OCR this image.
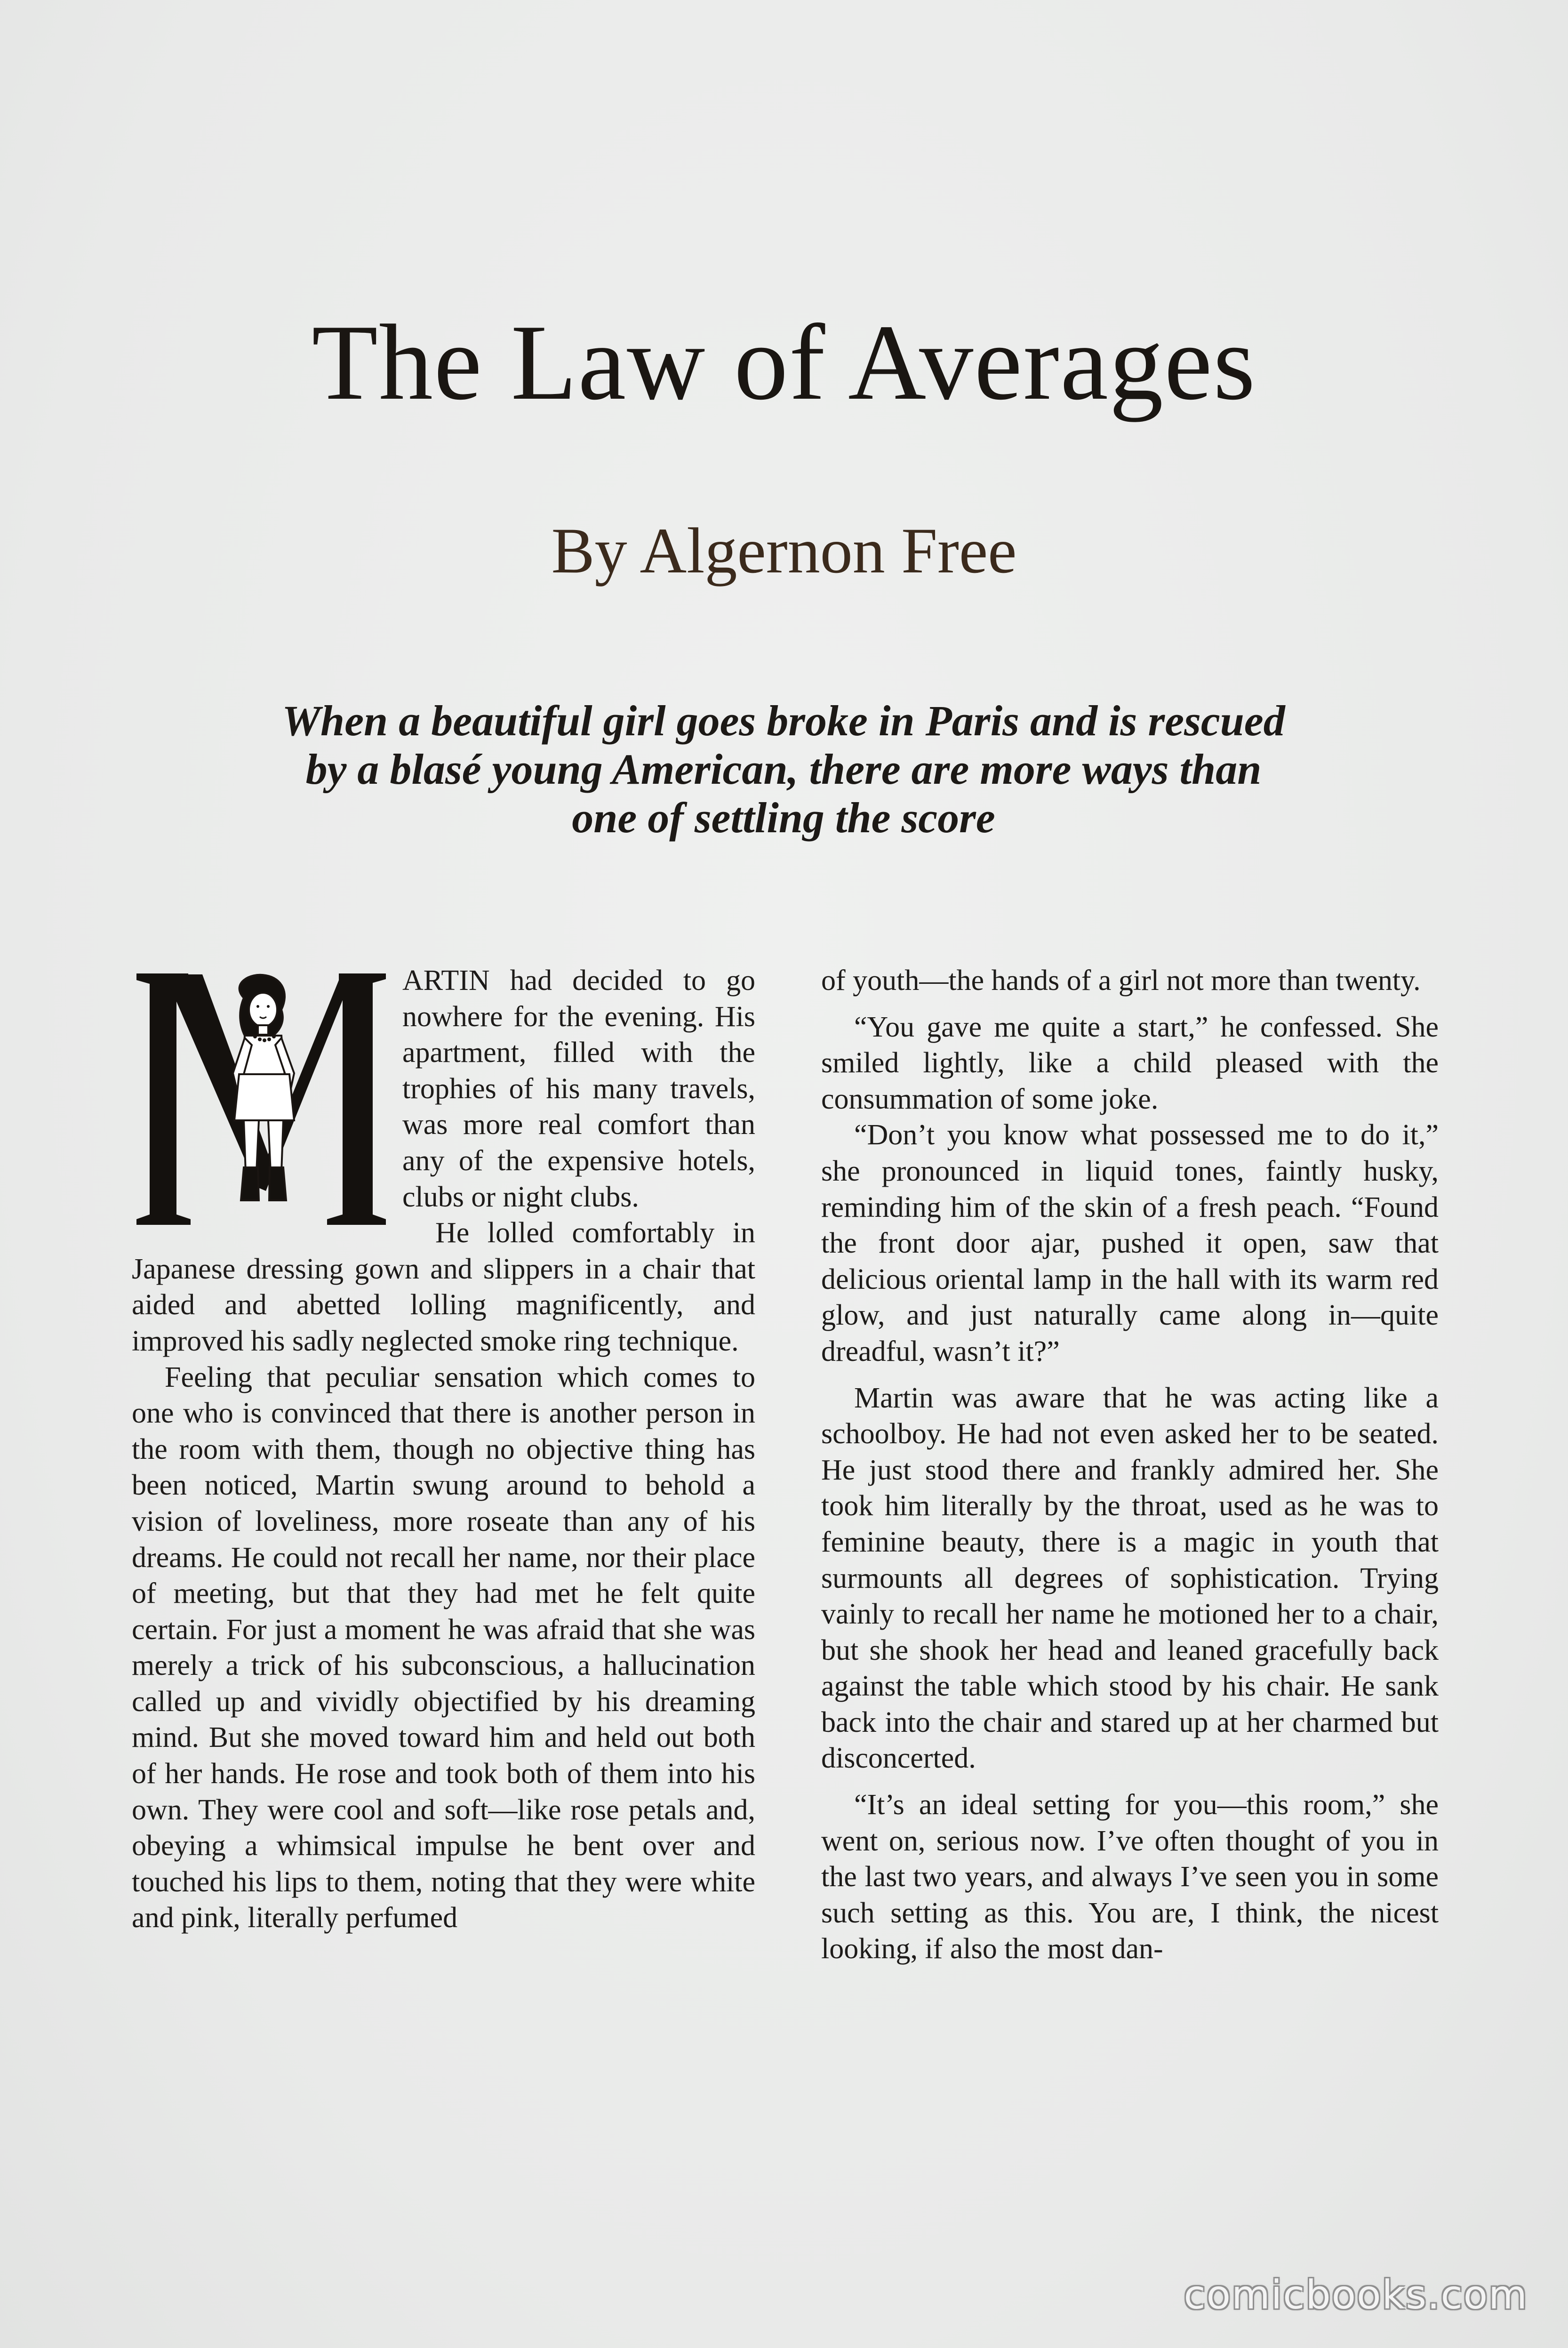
The Law of Averages
By Algernon Free
When a beautiful girl goes broke in Paris and is rescued
by a blasé young American, there are more ways than
one of settling the score

ARTIN had decided to go nowhere for the evening. His apartment, filled with the trophies of his many travels, was more real comfort than any of the expensive hotels, clubs or night clubs.

He lolled comfortably in Japanese dressing gown and slippers in a chair that aided and abetted lolling magnificently, and improved his sadly neglected smoke ring technique.

Feeling that peculiar sensation which comes to one who is convinced that there is another person in the room with them, though no objective thing has been noticed, Martin swung around to behold a vision of loveliness, more roseate than any of his dreams. He could not recall her name, nor their place of meeting, but that they had met he felt quite certain. For just a moment he was afraid that she was merely a trick of his subconscious, a hallucination called up and vividly objectified by his dreaming mind. But she moved toward him and held out both of her hands. He rose and took both of them into his own. They were cool and soft—like rose petals and, obeying a whimsical impulse he bent over and touched his lips to them, noting that they were white and pink, literally perfumed

of youth—the hands of a girl not more than twenty.

“You gave me quite a start,” he confessed. She smiled lightly, like a child pleased with the consummation of some joke.

“Don’t you know what possessed me to do it,” she pronounced in liquid tones, faintly husky, reminding him of the skin of a fresh peach. “Found the front door ajar, pushed it open, saw that delicious oriental lamp in the hall with its warm red glow, and just naturally came along in—quite dreadful, wasn’t it?”

Martin was aware that he was acting like a schoolboy. He had not even asked her to be seated. He just stood there and frankly admired her. She took him literally by the throat, used as he was to feminine beauty, there is a magic in youth that surmounts all degrees of sophistication. Trying vainly to recall her name he motioned her to a chair, but she shook her head and leaned gracefully back against the table which stood by his chair. He sank back into the chair and stared up at her charmed but disconcerted.

“It’s an ideal setting for you—this room,” she went on, serious now. I’ve often thought of you in the last two years, and always I’ve seen you in some such setting as this. You are, I think, the nicest looking, if also the most dan-

comicbooks.com
